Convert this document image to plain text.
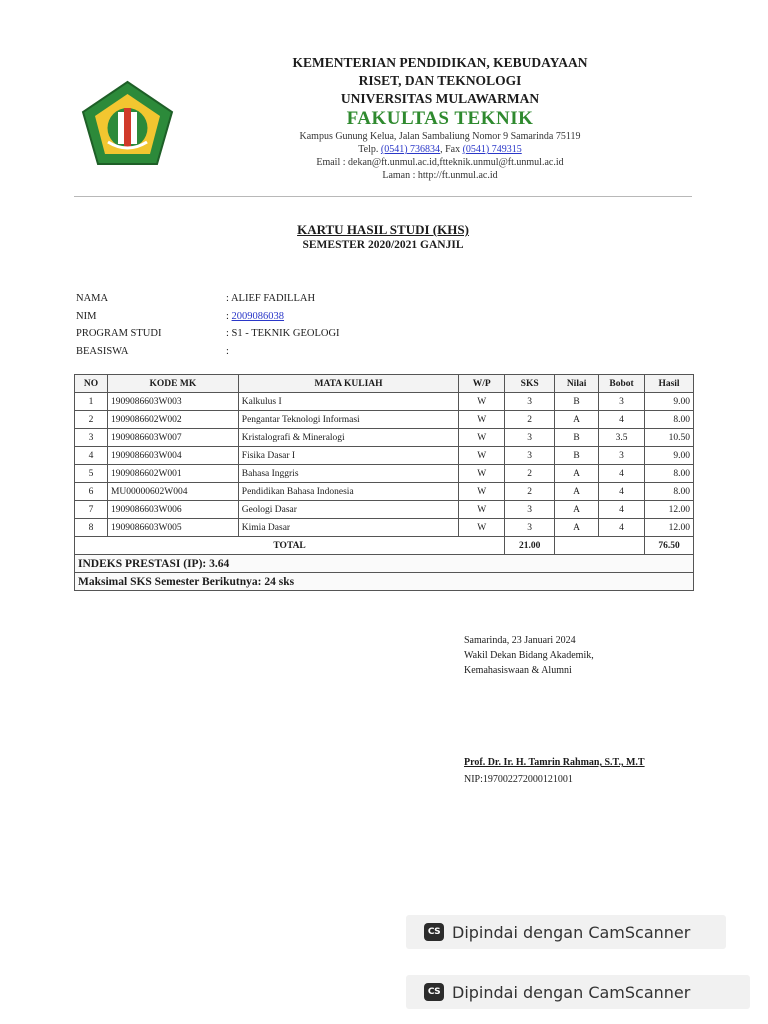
KEMENTERIAN PENDIDIKAN, KEBUDAYAAN
RISET, DAN TEKNOLOGI
UNIVERSITAS MULAWARMAN
FAKULTAS TEKNIK
Kampus Gunung Kelua, Jalan Sambaliung Nomor 9 Samarinda 75119
Telp. (0541) 736834, Fax (0541) 749315
Email : dekan@ft.unmul.ac.id,ftteknik.unmul@ft.unmul.ac.id
Laman : http://ft.unmul.ac.id
KARTU HASIL STUDI (KHS)
SEMESTER 2020/2021 GANJIL
NAMA	: ALIEF FADILLAH
NIM	: 2009086038
PROGRAM STUDI	: S1 - TEKNIK GEOLOGI
BEASISWA	:
NO	KODE MK	MATA KULIAH	W/P	SKS	Nilai	Bobot	Hasil
1	1909086603W003	Kalkulus I	W	3	B	3	9.00
2	1909086602W002	Pengantar Teknologi Informasi	W	2	A	4	8.00
3	1909086603W007	Kristalografi & Mineralogi	W	3	B	3.5	10.50
4	1909086603W004	Fisika Dasar I	W	3	B	3	9.00
5	1909086602W001	Bahasa Inggris	W	2	A	4	8.00
6	MU00000602W004	Pendidikan Bahasa Indonesia	W	2	A	4	8.00
7	1909086603W006	Geologi Dasar	W	3	A	4	12.00
8	1909086603W005	Kimia Dasar	W	3	A	4	12.00
TOTAL				21.00			76.50
INDEKS PRESTASI (IP): 3.64							
Maksimal SKS Semester Berikutnya: 24 sks							
Samarinda, 23 Januari 2024
Wakil Dekan Bidang Akademik,
Kemahasiswaan & Alumni
Prof. Dr. Ir. H. Tamrin Rahman, S.T., M.T
NIP:197002272000121001
CS Dipindai dengan CamScanner
CS Dipindai dengan CamScanner
